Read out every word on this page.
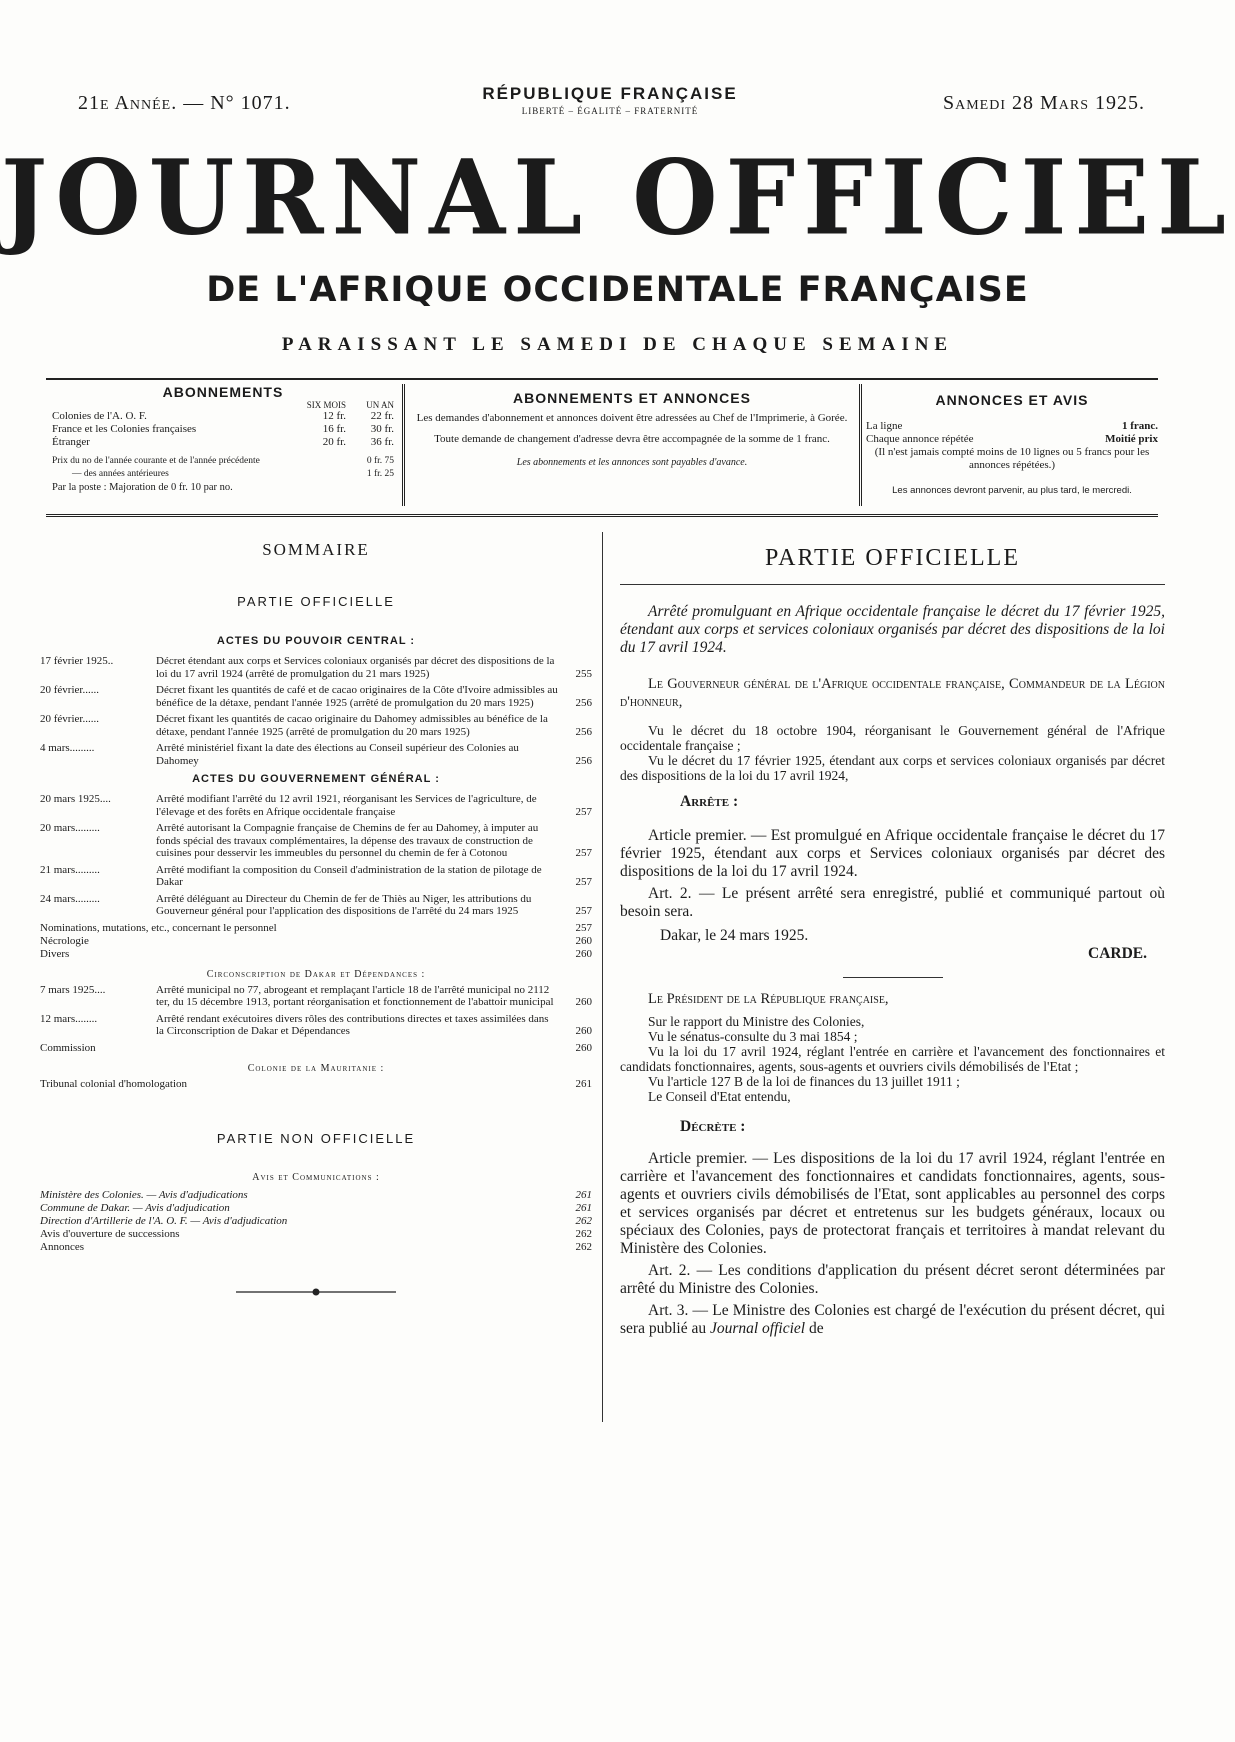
21e Année. — N° 1071.	RÉPUBLIQUE FRANÇAISE
LIBERTÉ – ÉGALITÉ – FRATERNITÉ	Samedi 28 Mars 1925.
JOURNAL OFFICIEL
DE L'AFRIQUE OCCIDENTALE FRANÇAISE
PARAISSANT LE SAMEDI DE CHAQUE SEMAINE
ABONNEMENTS
SIX MOIS	UN AN
Colonies de l'A. O. F.	12 fr.	22 fr.
France et les Colonies françaises	16 fr.	30 fr.
Étranger	20 fr.	36 fr.
Prix du no de l'année courante et de l'année précédente	0 fr. 75
— des années antérieures	1 fr. 25
Par la poste : Majoration de 0 fr. 10 par no.
ABONNEMENTS ET ANNONCES
Les demandes d'abonnement et annonces doivent être adressées au Chef de l'Imprimerie, à Gorée.
Toute demande de changement d'adresse devra être accompagnée de la somme de 1 franc.
Les abonnements et les annonces sont payables d'avance.
ANNONCES ET AVIS
La ligne	1 franc.
Chaque annonce répétée	Moitié prix
(Il n'est jamais compté moins de 10 lignes ou 5 francs pour les annonces répétées.)
Les annonces devront parvenir, au plus tard, le mercredi.
SOMMAIRE
PARTIE OFFICIELLE
ACTES DU POUVOIR CENTRAL :
17 février 1925..	Décret étendant aux corps et Services coloniaux organisés par décret des dispositions de la loi du 17 avril 1924 (arrêté de promulgation du 21 mars 1925)	255
20 février......	Décret fixant les quantités de café et de cacao originaires de la Côte d'Ivoire admissibles au bénéfice de la détaxe, pendant l'année 1925 (arrêté de promulgation du 20 mars 1925)	256
20 février......	Décret fixant les quantités de cacao originaire du Dahomey admissibles au bénéfice de la détaxe, pendant l'année 1925 (arrêté de promulgation du 20 mars 1925)	256
4 mars.........	Arrêté ministériel fixant la date des élections au Conseil supérieur des Colonies au Dahomey	256
ACTES DU GOUVERNEMENT GÉNÉRAL :
20 mars 1925....	Arrêté modifiant l'arrêté du 12 avril 1921, réorganisant les Services de l'agriculture, de l'élevage et des forêts en Afrique occidentale française	257
20 mars.........	Arrêté autorisant la Compagnie française de Chemins de fer au Dahomey, à imputer au fonds spécial des travaux complémentaires, la dépense des travaux de construction de cuisines pour desservir les immeubles du personnel du chemin de fer à Cotonou	257
21 mars.........	Arrêté modifiant la composition du Conseil d'administration de la station de pilotage de Dakar	257
24 mars.........	Arrêté déléguant au Directeur du Chemin de fer de Thiès au Niger, les attributions du Gouverneur général pour l'application des dispositions de l'arrêté du 24 mars 1925	257
Nominations, mutations, etc., concernant le personnel	257
Nécrologie	260
Divers	260
Circonscription de Dakar et Dépendances :
7 mars 1925....	Arrêté municipal no 77, abrogeant et remplaçant l'article 18 de l'arrêté municipal no 2112 ter, du 15 décembre 1913, portant réorganisation et fonctionnement de l'abattoir municipal	260
12 mars........	Arrêté rendant exécutoires divers rôles des contributions directes et taxes assimilées dans la Circonscription de Dakar et Dépendances	260
Commission	260
Colonie de la Mauritanie :
Tribunal colonial d'homologation	261
PARTIE NON OFFICIELLE
Avis et Communications :
Ministère des Colonies. — Avis d'adjudications	261
Commune de Dakar. — Avis d'adjudication	261
Direction d'Artillerie de l'A. O. F. — Avis d'adjudication	262
Avis d'ouverture de successions	262
Annonces	262
PARTIE OFFICIELLE

Arrêté promulguant en Afrique occidentale française le décret du 17 février 1925, étendant aux corps et services coloniaux organisés par décret des dispositions de la loi du 17 avril 1924.

Le Gouverneur général de l'Afrique occidentale française, Commandeur de la Légion d'honneur,

Vu le décret du 18 octobre 1904, réorganisant le Gouvernement général de l'Afrique occidentale française ;

Vu le décret du 17 février 1925, étendant aux corps et services coloniaux organisés par décret des dispositions de la loi du 17 avril 1924,

Arrête :

Article premier. — Est promulgué en Afrique occidentale française le décret du 17 février 1925, étendant aux corps et Services coloniaux organisés par décret des dispositions de la loi du 17 avril 1924.

Art. 2. — Le présent arrêté sera enregistré, publié et communiqué partout où besoin sera.

Dakar, le 24 mars 1925.

CARDE.

Le Président de la République française,

Sur le rapport du Ministre des Colonies,

Vu le sénatus-consulte du 3 mai 1854 ;

Vu la loi du 17 avril 1924, réglant l'entrée en carrière et l'avancement des fonctionnaires et candidats fonctionnaires, agents, sous-agents et ouvriers civils démobilisés de l'Etat ;

Vu l'article 127 B de la loi de finances du 13 juillet 1911 ;

Le Conseil d'Etat entendu,

Décrète :

Article premier. — Les dispositions de la loi du 17 avril 1924, réglant l'entrée en carrière et l'avancement des fonctionnaires et candidats fonctionnaires, agents, sous-agents et ouvriers civils démobilisés de l'Etat, sont applicables au personnel des corps et services organisés par décret et entretenus sur les budgets généraux, locaux ou spéciaux des Colonies, pays de protectorat français et territoires à mandat relevant du Ministère des Colonies.

Art. 2. — Les conditions d'application du présent décret seront déterminées par arrêté du Ministre des Colonies.

Art. 3. — Le Ministre des Colonies est chargé de l'exécution du présent décret, qui sera publié au Journal officiel de
